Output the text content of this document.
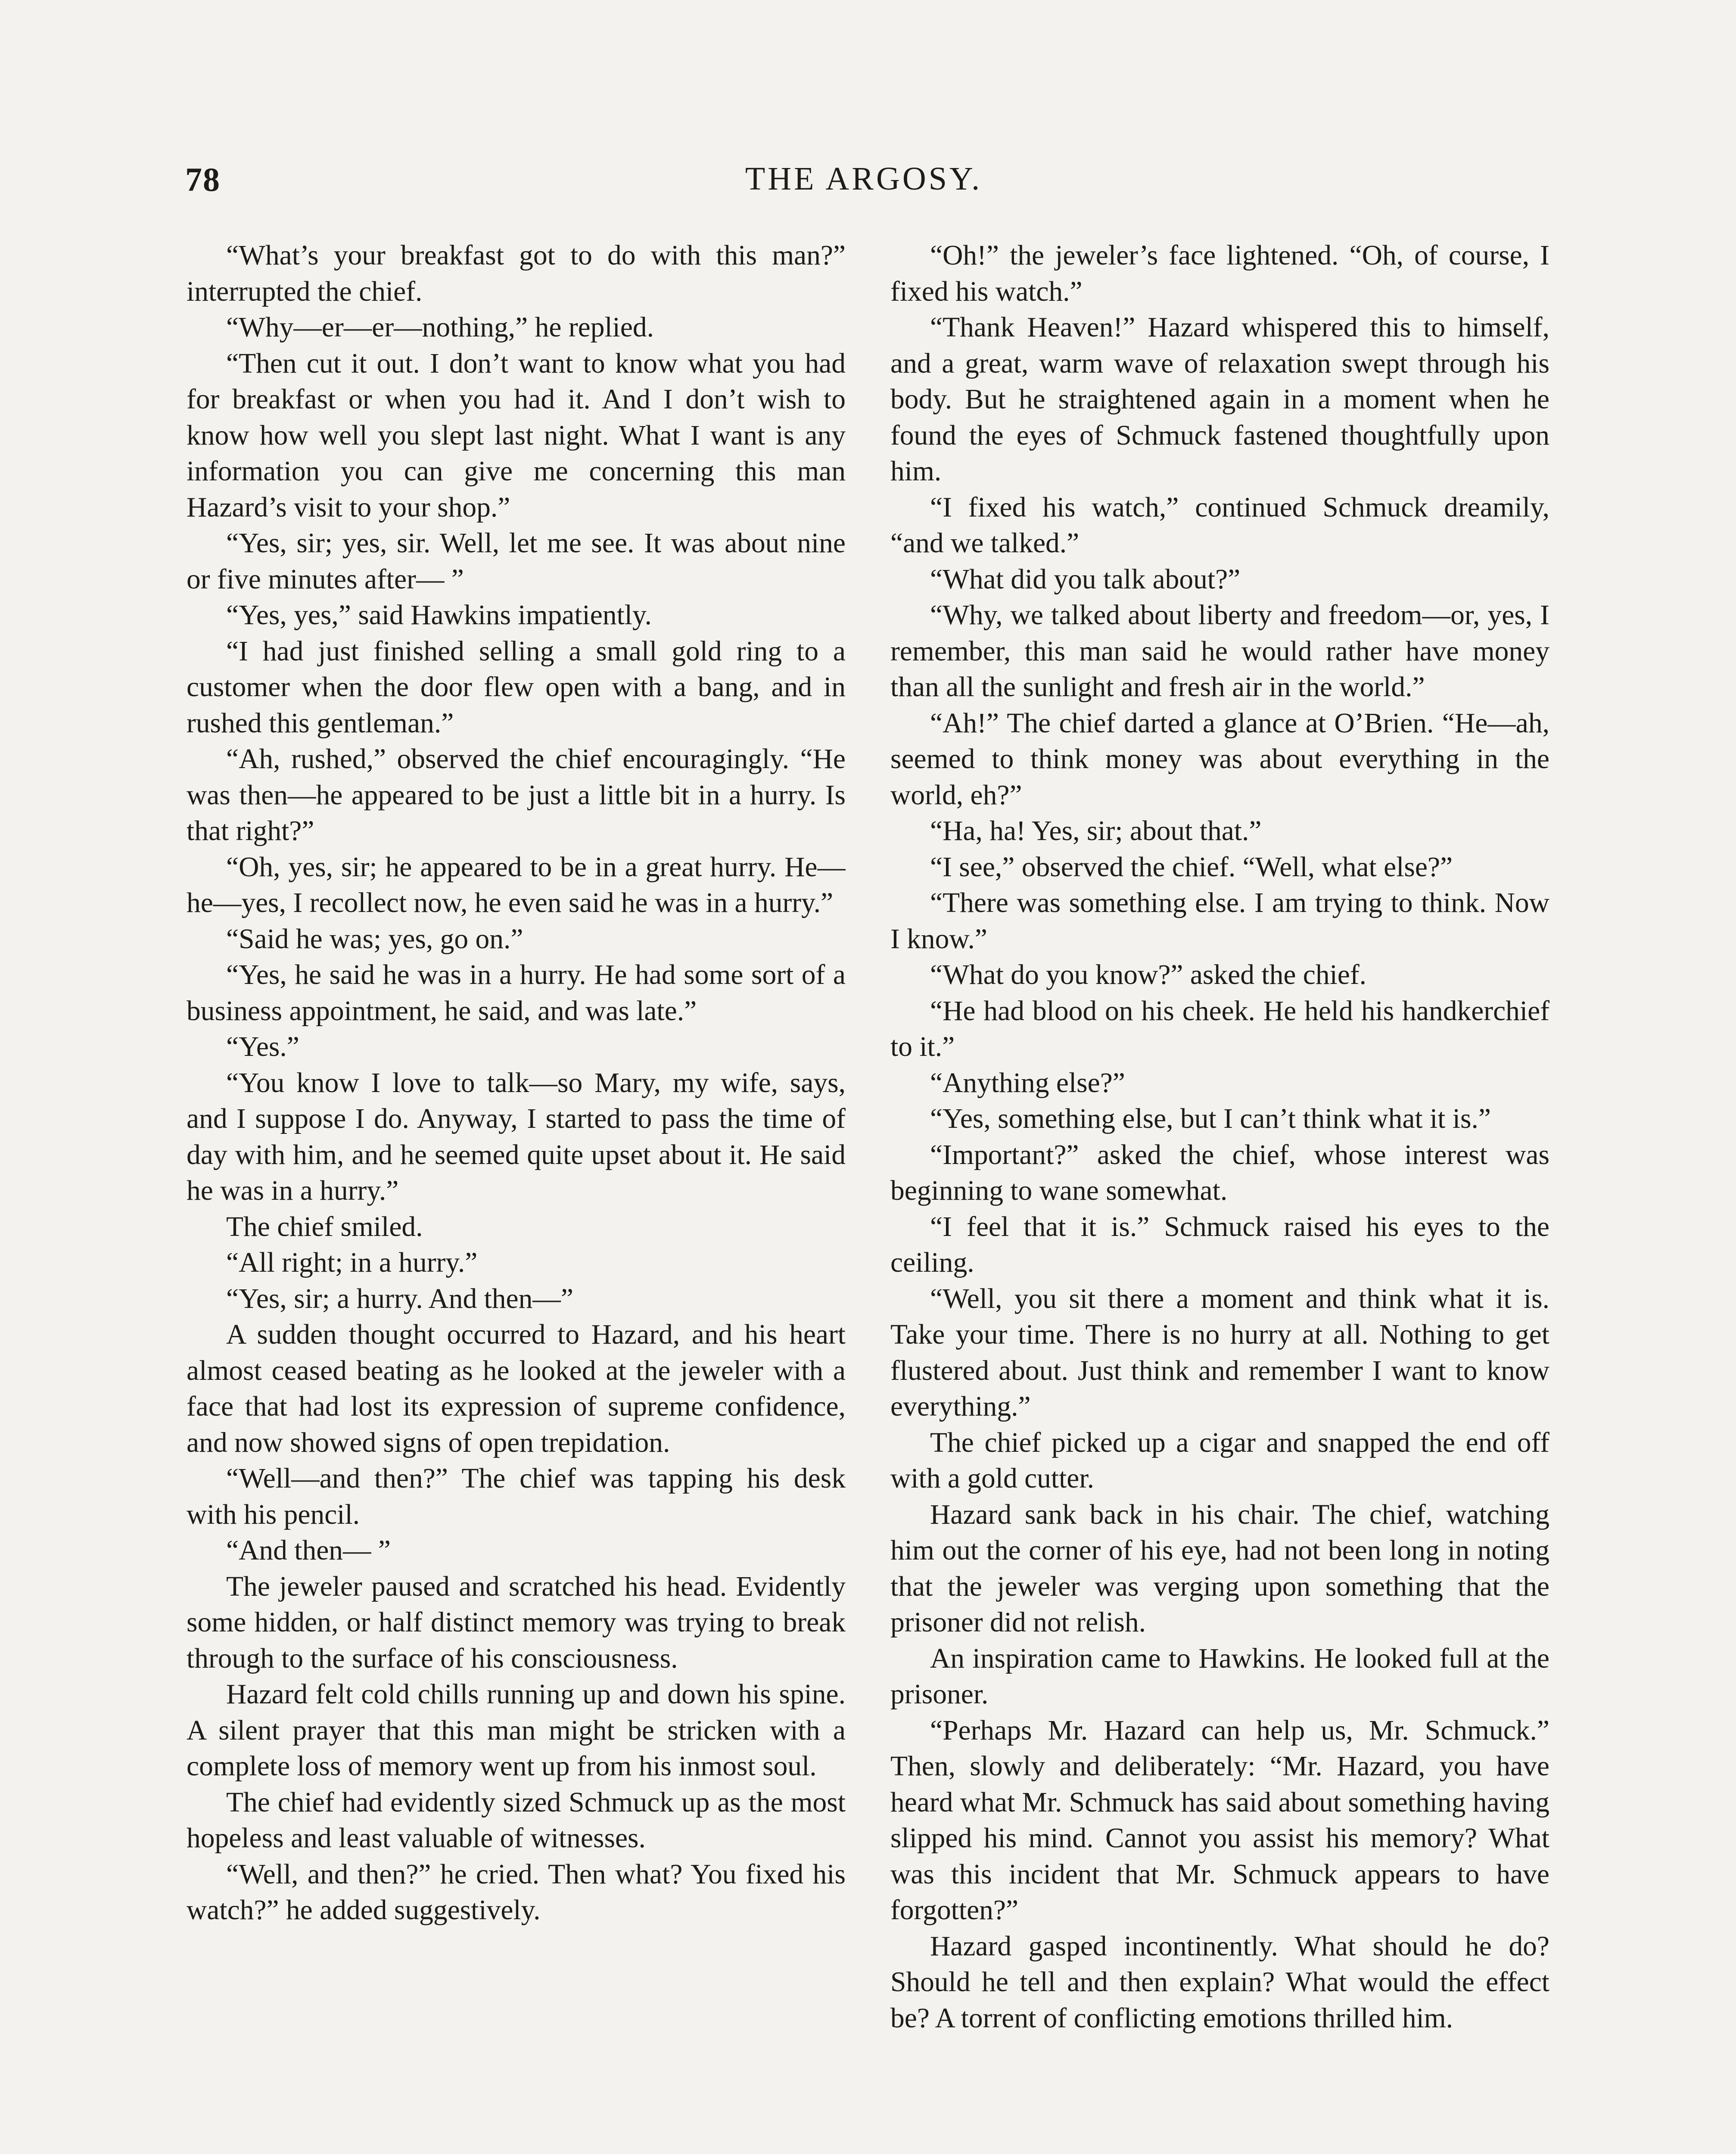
78	THE ARGOSY.

“What’s your breakfast got to do with this man?” interrupted the chief.

“Why—er—er—nothing,” he replied.

“Then cut it out. I don’t want to know what you had for breakfast or when you had it. And I don’t wish to know how well you slept last night. What I want is any information you can give me concerning this man Hazard’s visit to your shop.”

“Yes, sir; yes, sir. Well, let me see. It was about nine or five minutes after— ”

“Yes, yes,” said Hawkins impatiently.

“I had just finished selling a small gold ring to a customer when the door flew open with a bang, and in rushed this gentleman.”

“Ah, rushed,” observed the chief encouragingly. “He was then—he appeared to be just a little bit in a hurry. Is that right?”

“Oh, yes, sir; he appeared to be in a great hurry. He—he—yes, I recollect now, he even said he was in a hurry.”

“Said he was; yes, go on.”

“Yes, he said he was in a hurry. He had some sort of a business appointment, he said, and was late.”

“Yes.”

“You know I love to talk—so Mary, my wife, says, and I suppose I do. Anyway, I started to pass the time of day with him, and he seemed quite upset about it. He said he was in a hurry.”

The chief smiled.

“All right; in a hurry.”

“Yes, sir; a hurry. And then—”

A sudden thought occurred to Hazard, and his heart almost ceased beating as he looked at the jeweler with a face that had lost its expression of supreme confidence, and now showed signs of open trepidation.

“Well—and then?” The chief was tapping his desk with his pencil.

“And then— ”

The jeweler paused and scratched his head. Evidently some hidden, or half distinct memory was trying to break through to the surface of his consciousness.

Hazard felt cold chills running up and down his spine. A silent prayer that this man might be stricken with a complete loss of memory went up from his inmost soul.

The chief had evidently sized Schmuck up as the most hopeless and least valuable of witnesses.

“Well, and then?” he cried. Then what? You fixed his watch?” he added suggestively.

“Oh!” the jeweler’s face lightened. “Oh, of course, I fixed his watch.”

“Thank Heaven!” Hazard whispered this to himself, and a great, warm wave of relaxation swept through his body. But he straightened again in a moment when he found the eyes of Schmuck fastened thoughtfully upon him.

“I fixed his watch,” continued Schmuck dreamily, “and we talked.”

“What did you talk about?”

“Why, we talked about liberty and freedom—or, yes, I remember, this man said he would rather have money than all the sunlight and fresh air in the world.”

“Ah!” The chief darted a glance at O’Brien. “He—ah, seemed to think money was about everything in the world, eh?”

“Ha, ha! Yes, sir; about that.”

“I see,” observed the chief. “Well, what else?”

“There was something else. I am trying to think. Now I know.”

“What do you know?” asked the chief.

“He had blood on his cheek. He held his handkerchief to it.”

“Anything else?”

“Yes, something else, but I can’t think what it is.”

“Important?” asked the chief, whose interest was beginning to wane somewhat.

“I feel that it is.” Schmuck raised his eyes to the ceiling.

“Well, you sit there a moment and think what it is. Take your time. There is no hurry at all. Nothing to get flustered about. Just think and remember I want to know everything.”

The chief picked up a cigar and snapped the end off with a gold cutter.

Hazard sank back in his chair. The chief, watching him out the corner of his eye, had not been long in noting that the jeweler was verging upon something that the prisoner did not relish.

An inspiration came to Hawkins. He looked full at the prisoner.

“Perhaps Mr. Hazard can help us, Mr. Schmuck.” Then, slowly and deliberately: “Mr. Hazard, you have heard what Mr. Schmuck has said about something having slipped his mind. Cannot you assist his memory? What was this incident that Mr. Schmuck appears to have forgotten?”

Hazard gasped incontinently. What should he do? Should he tell and then explain? What would the effect be? A torrent of conflicting emotions thrilled him.
